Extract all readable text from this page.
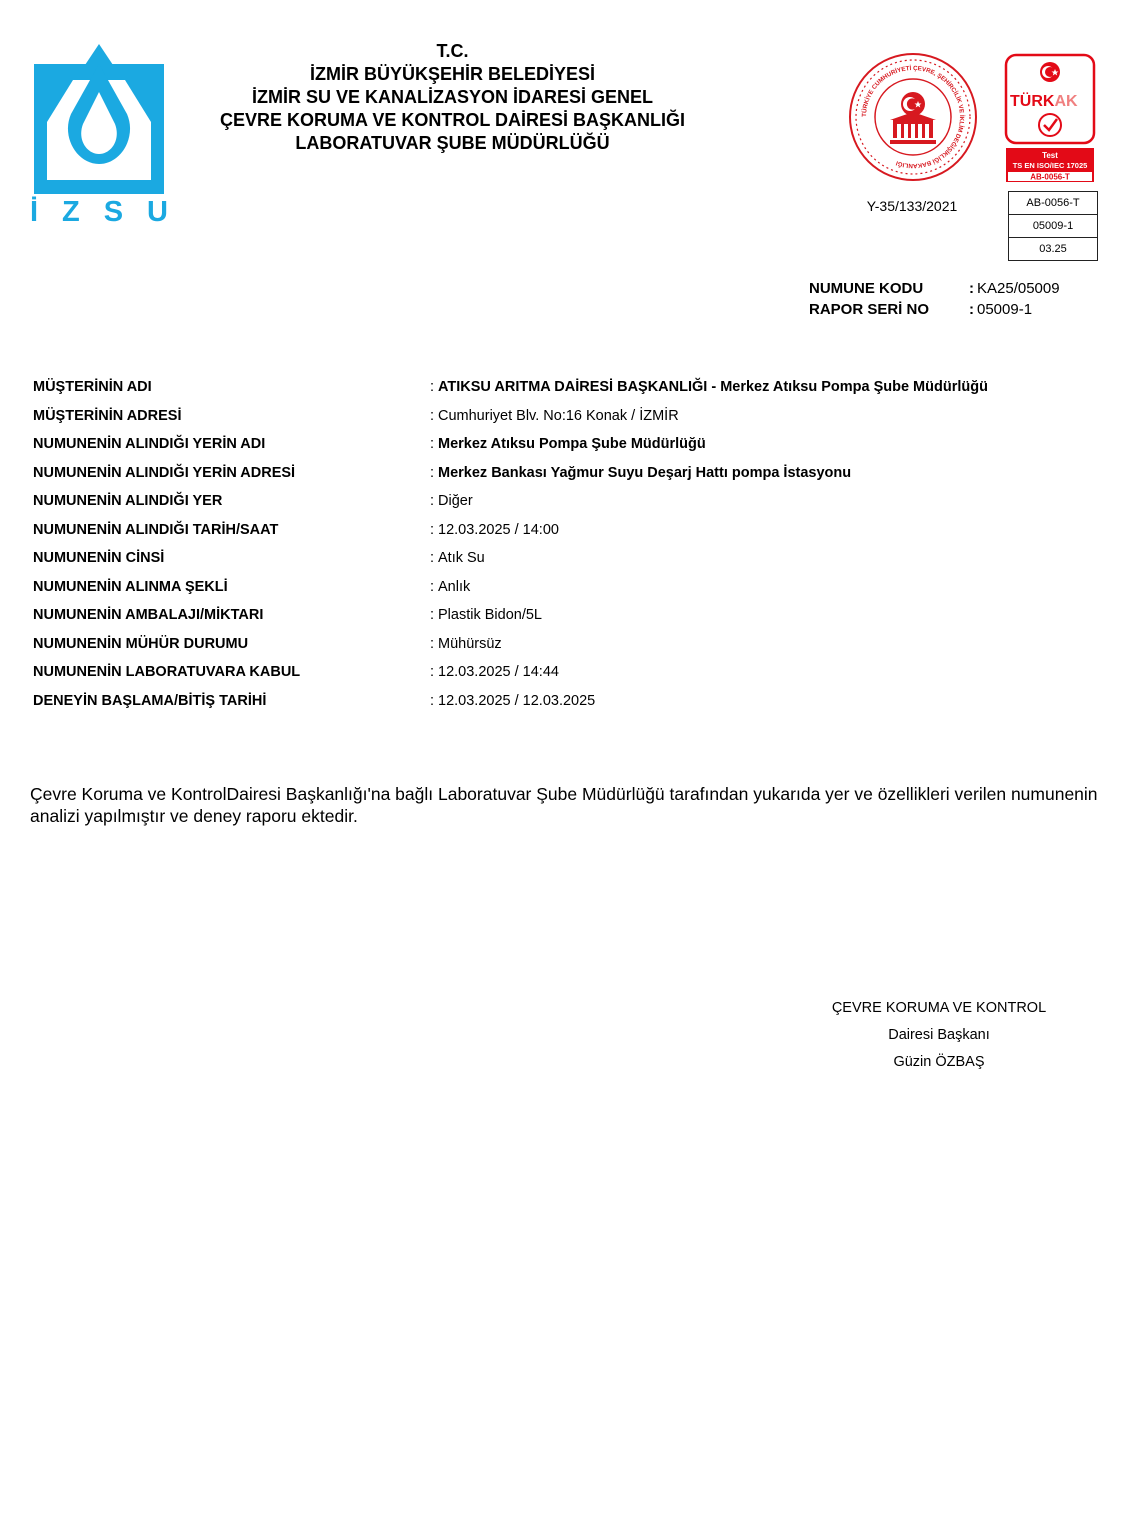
İ Z S U
T.C.
İZMİR BÜYÜKŞEHİR BELEDİYESİ
İZMİR SU VE KANALİZASYON İDARESİ GENEL
ÇEVRE KORUMA VE KONTROL DAİRESİ BAŞKANLIĞI
LABORATUVAR ŞUBE MÜDÜRLÜĞÜ
TÜRKİYE CUMHURİYETİ ÇEVRE, ŞEHİRCİLİK VE İKLİM DEĞİŞİKLİĞİ BAKANLIĞI
Y-35/133/2021
TÜRKAK
Test
TS EN ISO/IEC 17025
AB-0056-T
AB-0056-T
05009-1
03.25
NUMUNE KODU	: KA25/05009
RAPOR SERİ NO	: 05009-1
MÜŞTERİNİN ADI	: ATIKSU ARITMA DAİRESİ BAŞKANLIĞI - Merkez Atıksu Pompa Şube Müdürlüğü
MÜŞTERİNİN ADRESİ	: Cumhuriyet Blv. No:16 Konak / İZMİR
NUMUNENİN ALINDIĞI YERİN ADI	: Merkez Atıksu Pompa Şube Müdürlüğü
NUMUNENİN ALINDIĞI YERİN ADRESİ	: Merkez Bankası Yağmur Suyu Deşarj Hattı pompa İstasyonu
NUMUNENİN ALINDIĞI YER	: Diğer
NUMUNENİN ALINDIĞI TARİH/SAAT	: 12.03.2025 / 14:00
NUMUNENİN CİNSİ	: Atık Su
NUMUNENİN ALINMA ŞEKLİ	: Anlık
NUMUNENİN AMBALAJI/MİKTARI	: Plastik Bidon/5L
NUMUNENİN MÜHÜR DURUMU	: Mühürsüz
NUMUNENİN LABORATUVARA KABUL	: 12.03.2025 / 14:44
DENEYİN BAŞLAMA/BİTİŞ TARİHİ	: 12.03.2025 / 12.03.2025
Çevre Koruma ve KontrolDairesi Başkanlığı'na bağlı Laboratuvar Şube Müdürlüğü tarafından yukarıda yer ve özellikleri verilen numunenin analizi yapılmıştır ve deney raporu ektedir.
ÇEVRE KORUMA VE KONTROL
Dairesi Başkanı
Güzin ÖZBAŞ
